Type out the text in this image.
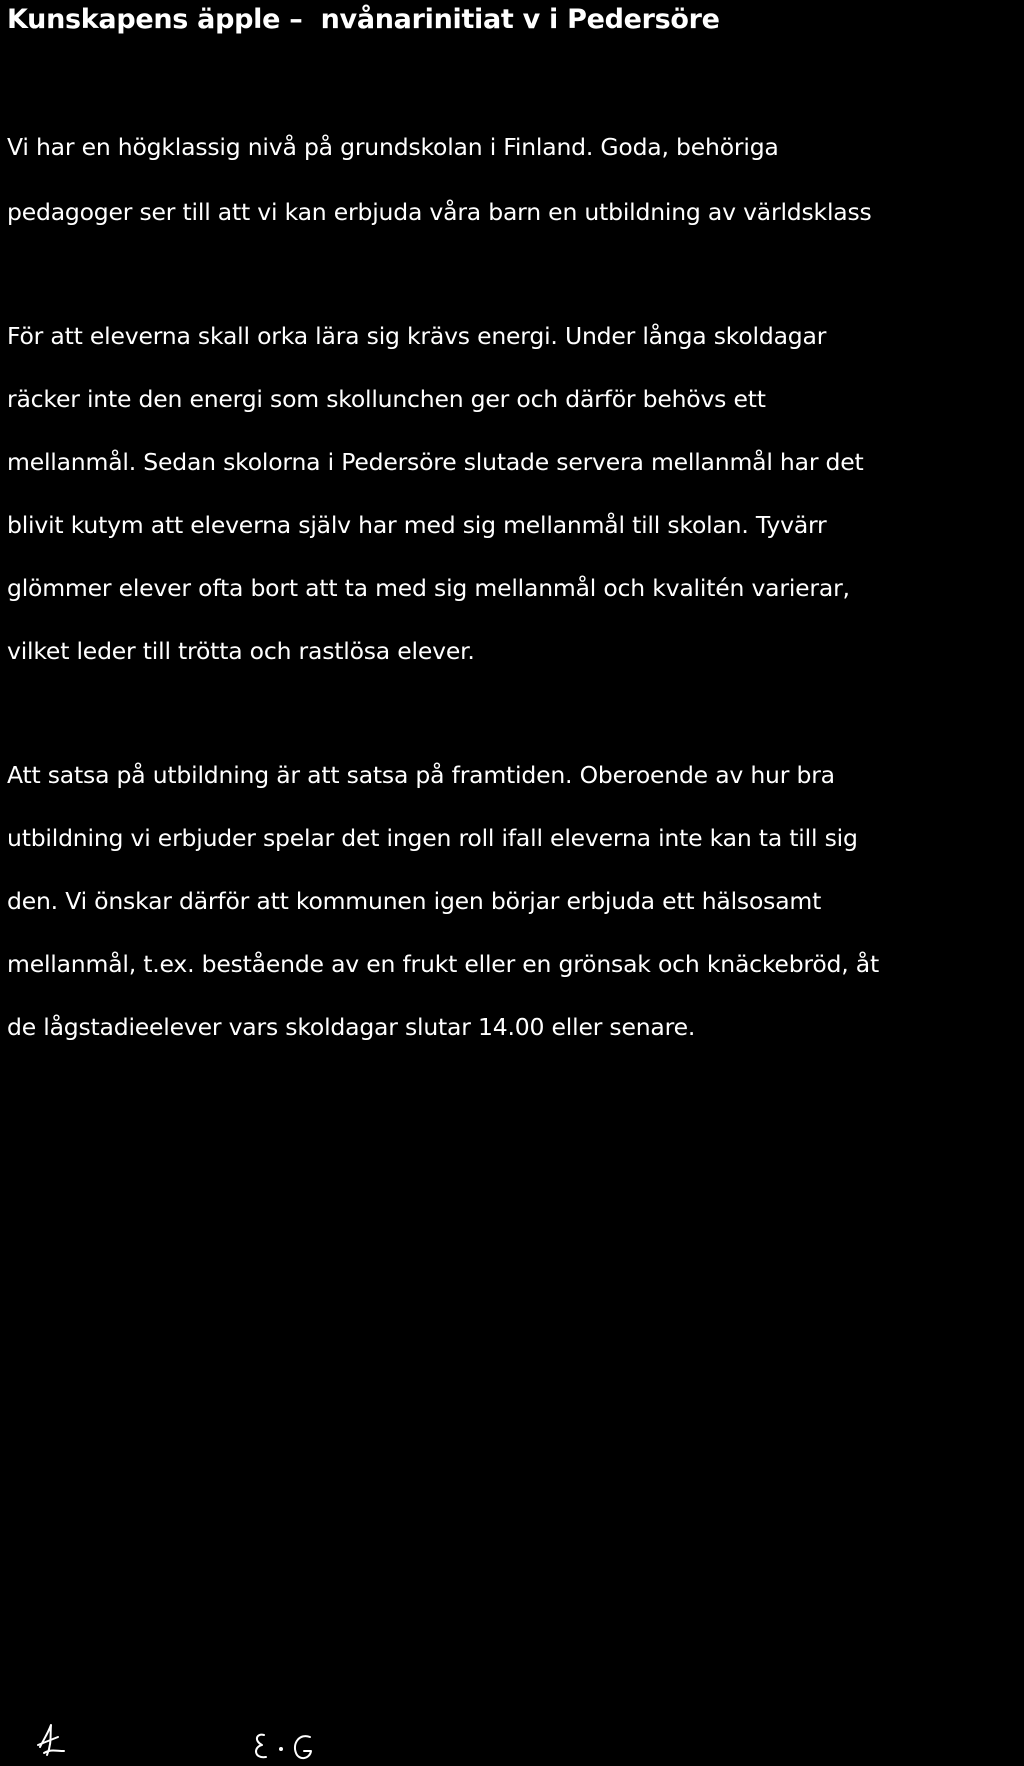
Kunskapens äpple –  nvånarinitiat v i Pedersöre

Vi har en högklassig nivå på grundskolan i Finland. Goda, behöriga

pedagoger ser till att vi kan erbjuda våra barn en utbildning av världsklass

För att eleverna skall orka lära sig krävs energi. Under långa skoldagar

räcker inte den energi som skollunchen ger och därför behövs ett

mellanmål. Sedan skolorna i Pedersöre slutade servera mellanmål har det

blivit kutym att eleverna själv har med sig mellanmål till skolan. Tyvärr

glömmer elever ofta bort att ta med sig mellanmål och kvalitén varierar,

vilket leder till trötta och rastlösa elever.

Att satsa på utbildning är att satsa på framtiden. Oberoende av hur bra

utbildning vi erbjuder spelar det ingen roll ifall eleverna inte kan ta till sig

den. Vi önskar därför att kommunen igen börjar erbjuda ett hälsosamt

mellanmål, t.ex. bestående av en frukt eller en grönsak och knäckebröd, åt

de lågstadieelever vars skoldagar slutar 14.00 eller senare.
